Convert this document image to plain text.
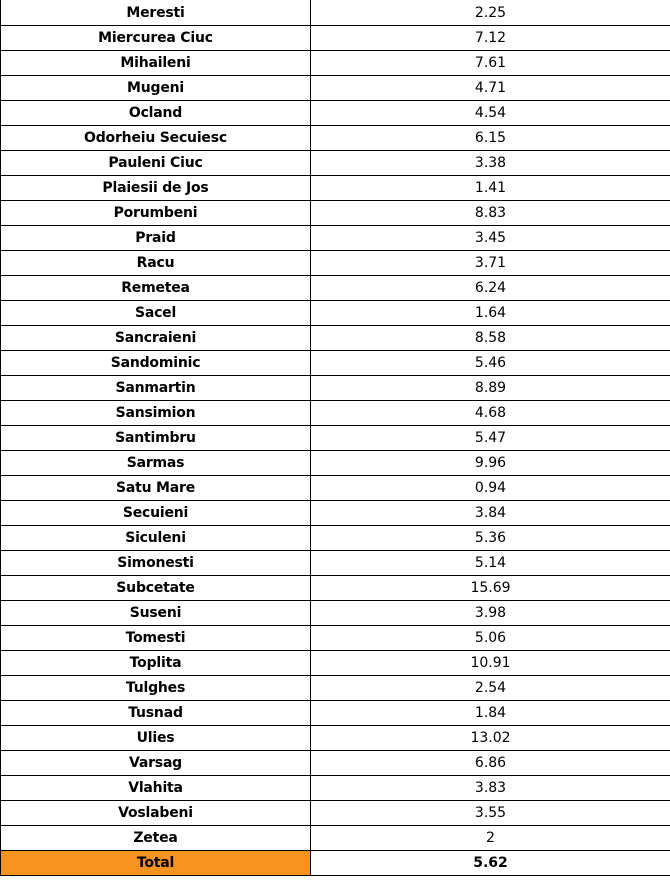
Meresti	2.25
Miercurea Ciuc	7.12
Mihaileni	7.61
Mugeni	4.71
Ocland	4.54
Odorheiu Secuiesc	6.15
Pauleni Ciuc	3.38
Plaiesii de Jos	1.41
Porumbeni	8.83
Praid	3.45
Racu	3.71
Remetea	6.24
Sacel	1.64
Sancraieni	8.58
Sandominic	5.46
Sanmartin	8.89
Sansimion	4.68
Santimbru	5.47
Sarmas	9.96
Satu Mare	0.94
Secuieni	3.84
Siculeni	5.36
Simonesti	5.14
Subcetate	15.69
Suseni	3.98
Tomesti	5.06
Toplita	10.91
Tulghes	2.54
Tusnad	1.84
Ulies	13.02
Varsag	6.86
Vlahita	3.83
Voslabeni	3.55
Zetea	2
Total	5.62
